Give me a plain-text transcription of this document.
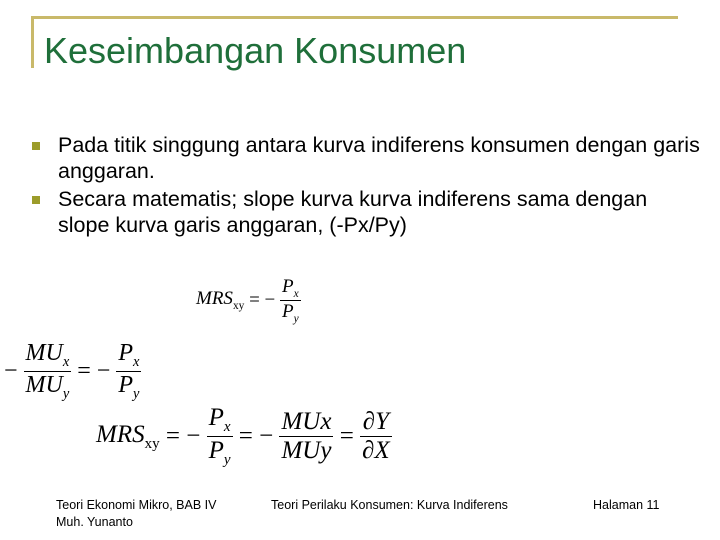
Keseimbangan Konsumen
Pada titik singgung antara kurva indiferens konsumen dengan garis anggaran.
Secara matematis; slope kurva kurva indiferens sama dengan slope kurva garis anggaran, (-Px/Py)
$MRS_{xy}$ = − $\frac{P_x}{P_y}$
− $\frac{MU_x}{MU_y}$ = − $\frac{P_x}{P_y}$
$MRS_{xy}$ = − $\frac{P_x}{P_y}$ = − $\frac{\text{MUx}}{\text{MUy}} = \frac{\partial Y}{\partial X}$
Teori Ekonomi Mikro, BAB IV
Muh. Yunanto
Teori Perilaku Konsumen: Kurva Indiferens	Halaman 11
